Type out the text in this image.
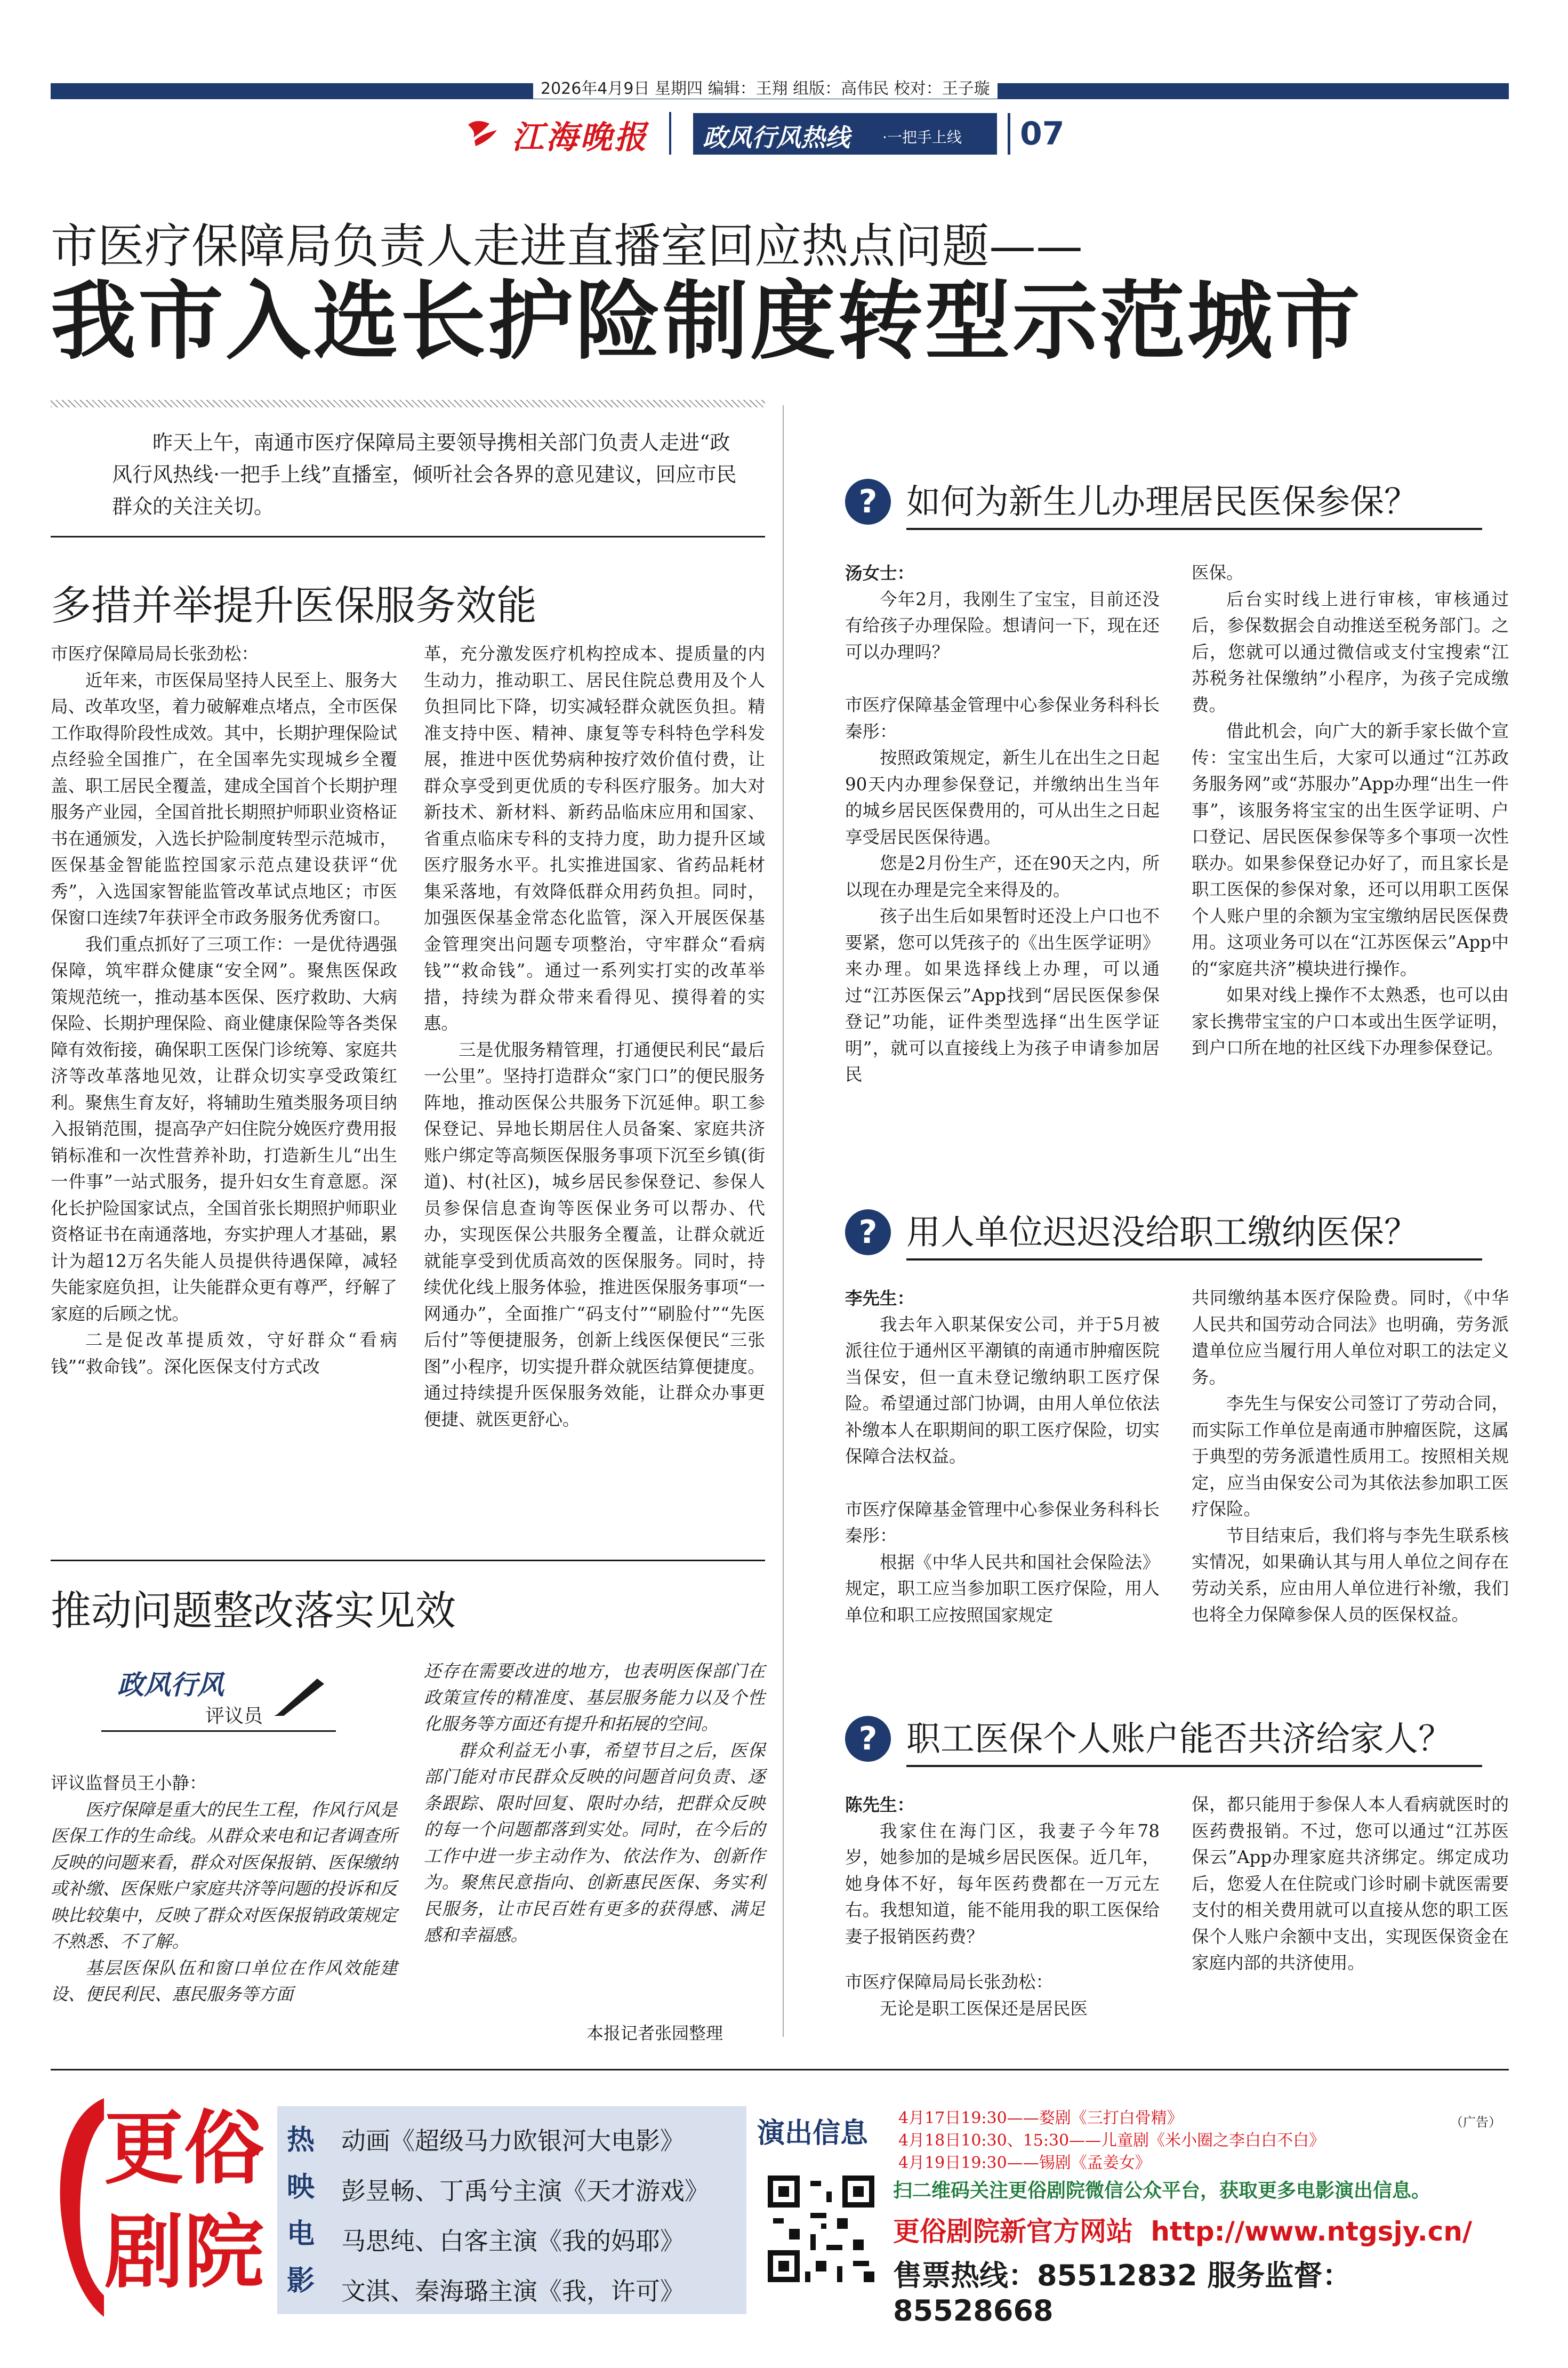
2026年4月9日 星期四 编辑：王翔 组版：高伟民 校对：王子璇
江海晚报 政风行风热线 ·一把手上线	07
市医疗保障局负责人走进直播室回应热点问题——
我市入选长护险制度转型示范城市
昨天上午，南通市医疗保障局主要领导携相关部门负责人走进“政风行风热线·一把手上线”直播室，倾听社会各界的意见建议，回应市民群众的关注关切。
多措并举提升医保服务效能

市医疗保障局局长张劲松：

近年来，市医保局坚持人民至上、服务大局、改革攻坚，着力破解难点堵点，全市医保工作取得阶段性成效。其中，长期护理保险试点经验全国推广，在全国率先实现城乡全覆盖、职工居民全覆盖，建成全国首个长期护理服务产业园，全国首批长期照护师职业资格证书在通颁发，入选长护险制度转型示范城市，医保基金智能监控国家示范点建设获评“优秀”，入选国家智能监管改革试点地区；市医保窗口连续7年获评全市政务服务优秀窗口。

我们重点抓好了三项工作：一是优待遇强保障，筑牢群众健康“安全网”。聚焦医保政策规范统一，推动基本医保、医疗救助、大病保险、长期护理保险、商业健康保险等各类保障有效衔接，确保职工医保门诊统筹、家庭共济等改革落地见效，让群众切实享受政策红利。聚焦生育友好，将辅助生殖类服务项目纳入报销范围，提高孕产妇住院分娩医疗费用报销标准和一次性营养补助，打造新生儿“出生一件事”一站式服务，提升妇女生育意愿。深化长护险国家试点，全国首张长期照护师职业资格证书在南通落地，夯实护理人才基础，累计为超12万名失能人员提供待遇保障，减轻失能家庭负担，让失能群众更有尊严，纾解了家庭的后顾之忧。

二是促改革提质效，守好群众“看病钱”“救命钱”。深化医保支付方式改

革，充分激发医疗机构控成本、提质量的内生动力，推动职工、居民住院总费用及个人负担同比下降，切实减轻群众就医负担。精准支持中医、精神、康复等专科特色学科发展，推进中医优势病种按疗效价值付费，让群众享受到更优质的专科医疗服务。加大对新技术、新材料、新药品临床应用和国家、省重点临床专科的支持力度，助力提升区域医疗服务水平。扎实推进国家、省药品耗材集采落地，有效降低群众用药负担。同时，加强医保基金常态化监管，深入开展医保基金管理突出问题专项整治，守牢群众“看病钱”“救命钱”。通过一系列实打实的改革举措，持续为群众带来看得见、摸得着的实惠。

三是优服务精管理，打通便民利民“最后一公里”。坚持打造群众“家门口”的便民服务阵地，推动医保公共服务下沉延伸。职工参保登记、异地长期居住人员备案、家庭共济账户绑定等高频医保服务事项下沉至乡镇(街道)、村(社区)，城乡居民参保登记、参保人员参保信息查询等医保业务可以帮办、代办，实现医保公共服务全覆盖，让群众就近就能享受到优质高效的医保服务。同时，持续优化线上服务体验，推进医保服务事项“一网通办”，全面推广“码支付”“刷脸付”“先医后付”等便捷服务，创新上线医保便民“三张图”小程序，切实提升群众就医结算便捷度。通过持续提升医保服务效能，让群众办事更便捷、就医更舒心。

推动问题整改落实见效
政风行风
评议员

评议监督员王小静：

医疗保障是重大的民生工程，作风行风是医保工作的生命线。从群众来电和记者调查所反映的问题来看，群众对医保报销、医保缴纳或补缴、医保账户家庭共济等问题的投诉和反映比较集中，反映了群众对医保报销政策规定不熟悉、不了解。

基层医保队伍和窗口单位在作风效能建设、便民利民、惠民服务等方面

还存在需要改进的地方，也表明医保部门在政策宣传的精准度、基层服务能力以及个性化服务等方面还有提升和拓展的空间。

群众利益无小事，希望节目之后，医保部门能对市民群众反映的问题首问负责、逐条跟踪、限时回复、限时办结，把群众反映的每一个问题都落到实处。同时，在今后的工作中进一步主动作为、依法作为、创新作为。聚焦民意指向、创新惠民医保、务实利民服务，让市民百姓有更多的获得感、满足感和幸福感。

本报记者张园整理
? 如何为新生儿办理居民医保参保？

汤女士：

今年2月，我刚生了宝宝，目前还没有给孩子办理保险。想请问一下，现在还可以办理吗？

市医疗保障基金管理中心参保业务科科长秦彤：

按照政策规定，新生儿在出生之日起90天内办理参保登记，并缴纳出生当年的城乡居民医保费用的，可从出生之日起享受居民医保待遇。

您是2月份生产，还在90天之内，所以现在办理是完全来得及的。

孩子出生后如果暂时还没上户口也不要紧，您可以凭孩子的《出生医学证明》来办理。如果选择线上办理，可以通过“江苏医保云”App找到“居民医保参保登记”功能，证件类型选择“出生医学证明”，就可以直接线上为孩子申请参加居民

医保。

后台实时线上进行审核，审核通过后，参保数据会自动推送至税务部门。之后，您就可以通过微信或支付宝搜索“江苏税务社保缴纳”小程序，为孩子完成缴费。

借此机会，向广大的新手家长做个宣传：宝宝出生后，大家可以通过“江苏政务服务网”或“苏服办”App办理“出生一件事”，该服务将宝宝的出生医学证明、户口登记、居民医保参保等多个事项一次性联办。如果参保登记办好了，而且家长是职工医保的参保对象，还可以用职工医保个人账户里的余额为宝宝缴纳居民医保费用。这项业务可以在“江苏医保云”App中的“家庭共济”模块进行操作。

如果对线上操作不太熟悉，也可以由家长携带宝宝的户口本或出生医学证明，到户口所在地的社区线下办理参保登记。

? 用人单位迟迟没给职工缴纳医保？

李先生：

我去年入职某保安公司，并于5月被派往位于通州区平潮镇的南通市肿瘤医院当保安，但一直未登记缴纳职工医疗保险。希望通过部门协调，由用人单位依法补缴本人在职期间的职工医疗保险，切实保障合法权益。

市医疗保障基金管理中心参保业务科科长秦彤：

根据《中华人民共和国社会保险法》规定，职工应当参加职工医疗保险，用人单位和职工应按照国家规定

共同缴纳基本医疗保险费。同时，《中华人民共和国劳动合同法》也明确，劳务派遣单位应当履行用人单位对职工的法定义务。

李先生与保安公司签订了劳动合同，而实际工作单位是南通市肿瘤医院，这属于典型的劳务派遣性质用工。按照相关规定，应当由保安公司为其依法参加职工医疗保险。

节目结束后，我们将与李先生联系核实情况，如果确认其与用人单位之间存在劳动关系，应由用人单位进行补缴，我们也将全力保障参保人员的医保权益。

? 职工医保个人账户能否共济给家人？

陈先生：

我家住在海门区，我妻子今年78岁，她参加的是城乡居民医保。近几年，她身体不好，每年医药费都在一万元左右。我想知道，能不能用我的职工医保给妻子报销医药费？

市医疗保障局局长张劲松：

无论是职工医保还是居民医

保，都只能用于参保人本人看病就医时的医药费报销。不过，您可以通过“江苏医保云”App办理家庭共济绑定。绑定成功后，您爱人在住院或门诊时刷卡就医需要支付的相关费用就可以直接从您的职工医保个人账户余额中支出，实现医保资金在家庭内部的共济使用。

更俗
剧院
热映电影
动画《超级马力欧银河大电影》
彭昱畅、丁禹兮主演《天才游戏》
马思纯、白客主演《我的妈耶》
文淇、秦海璐主演《我，许可》
演出信息	（广告）
4月17日19:30——婺剧《三打白骨精》
4月18日10:30、15:30——儿童剧《米小圈之李白白不白》
4月19日19:30——锡剧《孟姜女》
扫二维码关注更俗剧院微信公众平台，获取更多电影演出信息。
更俗剧院新官方网站 http://www.ntgsjy.cn/
售票热线：85512832 服务监督：85528668
